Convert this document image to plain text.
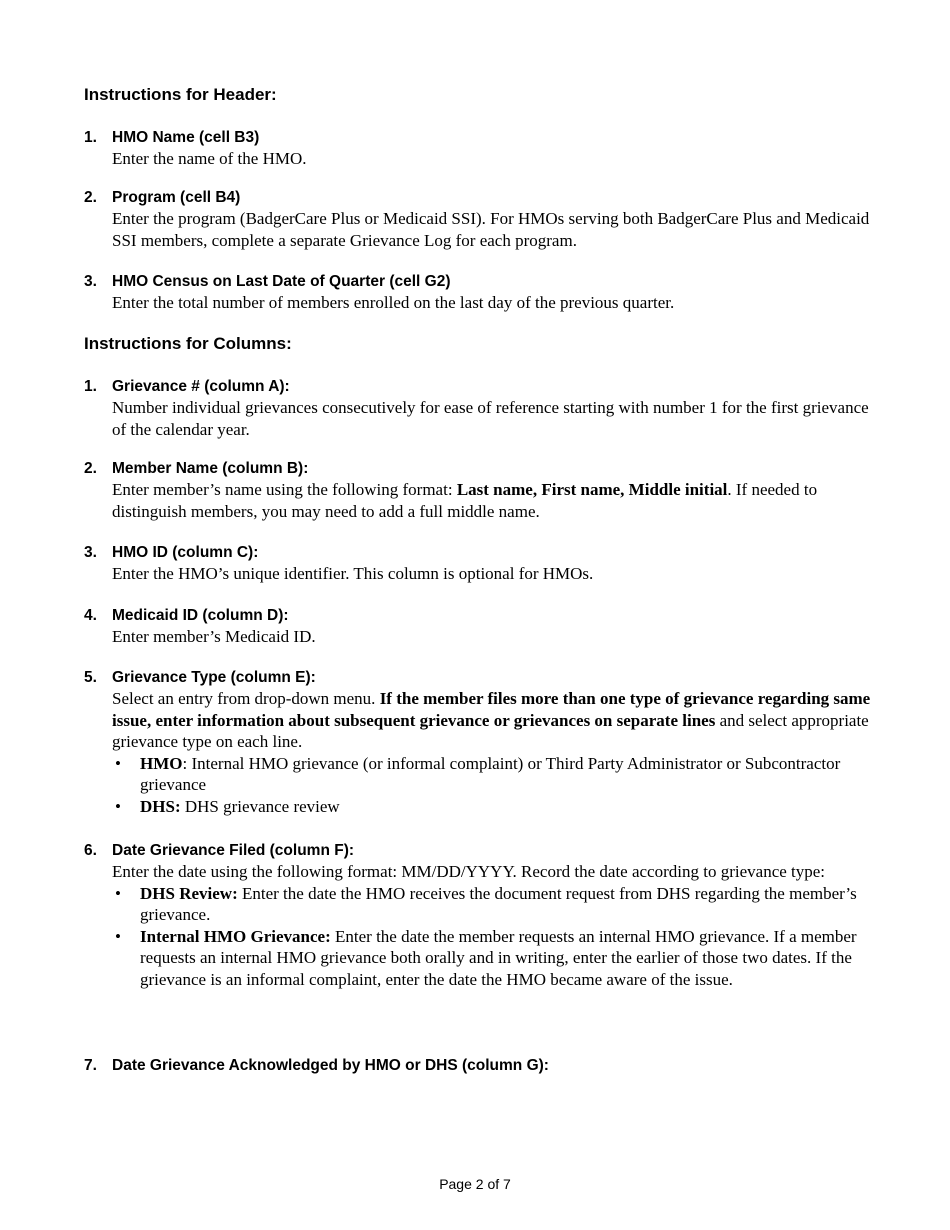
Instructions for Header:
1. HMO Name (cell B3)
Enter the name of the HMO.
2. Program (cell B4)
Enter the program (BadgerCare Plus or Medicaid SSI). For HMOs serving both BadgerCare Plus and Medicaid SSI members, complete a separate Grievance Log for each program.
3. HMO Census on Last Date of Quarter (cell G2)
Enter the total number of members enrolled on the last day of the previous quarter.
Instructions for Columns:
1. Grievance # (column A):
Number individual grievances consecutively for ease of reference starting with number 1 for the first grievance of the calendar year.
2. Member Name (column B):
Enter member’s name using the following format: Last name, First name, Middle initial. If needed to distinguish members, you may need to add a full middle name.
3. HMO ID (column C):
Enter the HMO’s unique identifier. This column is optional for HMOs.
4. Medicaid ID (column D):
Enter member’s Medicaid ID.
5. Grievance Type (column E):
Select an entry from drop-down menu. If the member files more than one type of grievance regarding same issue, enter information about subsequent grievance or grievances on separate lines and select appropriate grievance type on each line.
• HMO: Internal HMO grievance (or informal complaint) or Third Party Administrator or Subcontractor grievance
• DHS: DHS grievance review
6. Date Grievance Filed (column F):
Enter the date using the following format: MM/DD/YYYY. Record the date according to grievance type:
• DHS Review: Enter the date the HMO receives the document request from DHS regarding the member’s grievance.
• Internal HMO Grievance: Enter the date the member requests an internal HMO grievance. If a member requests an internal HMO grievance both orally and in writing, enter the earlier of those two dates. If the grievance is an informal complaint, enter the date the HMO became aware of the issue.
7. Date Grievance Acknowledged by HMO or DHS (column G):
Page 2 of 7
